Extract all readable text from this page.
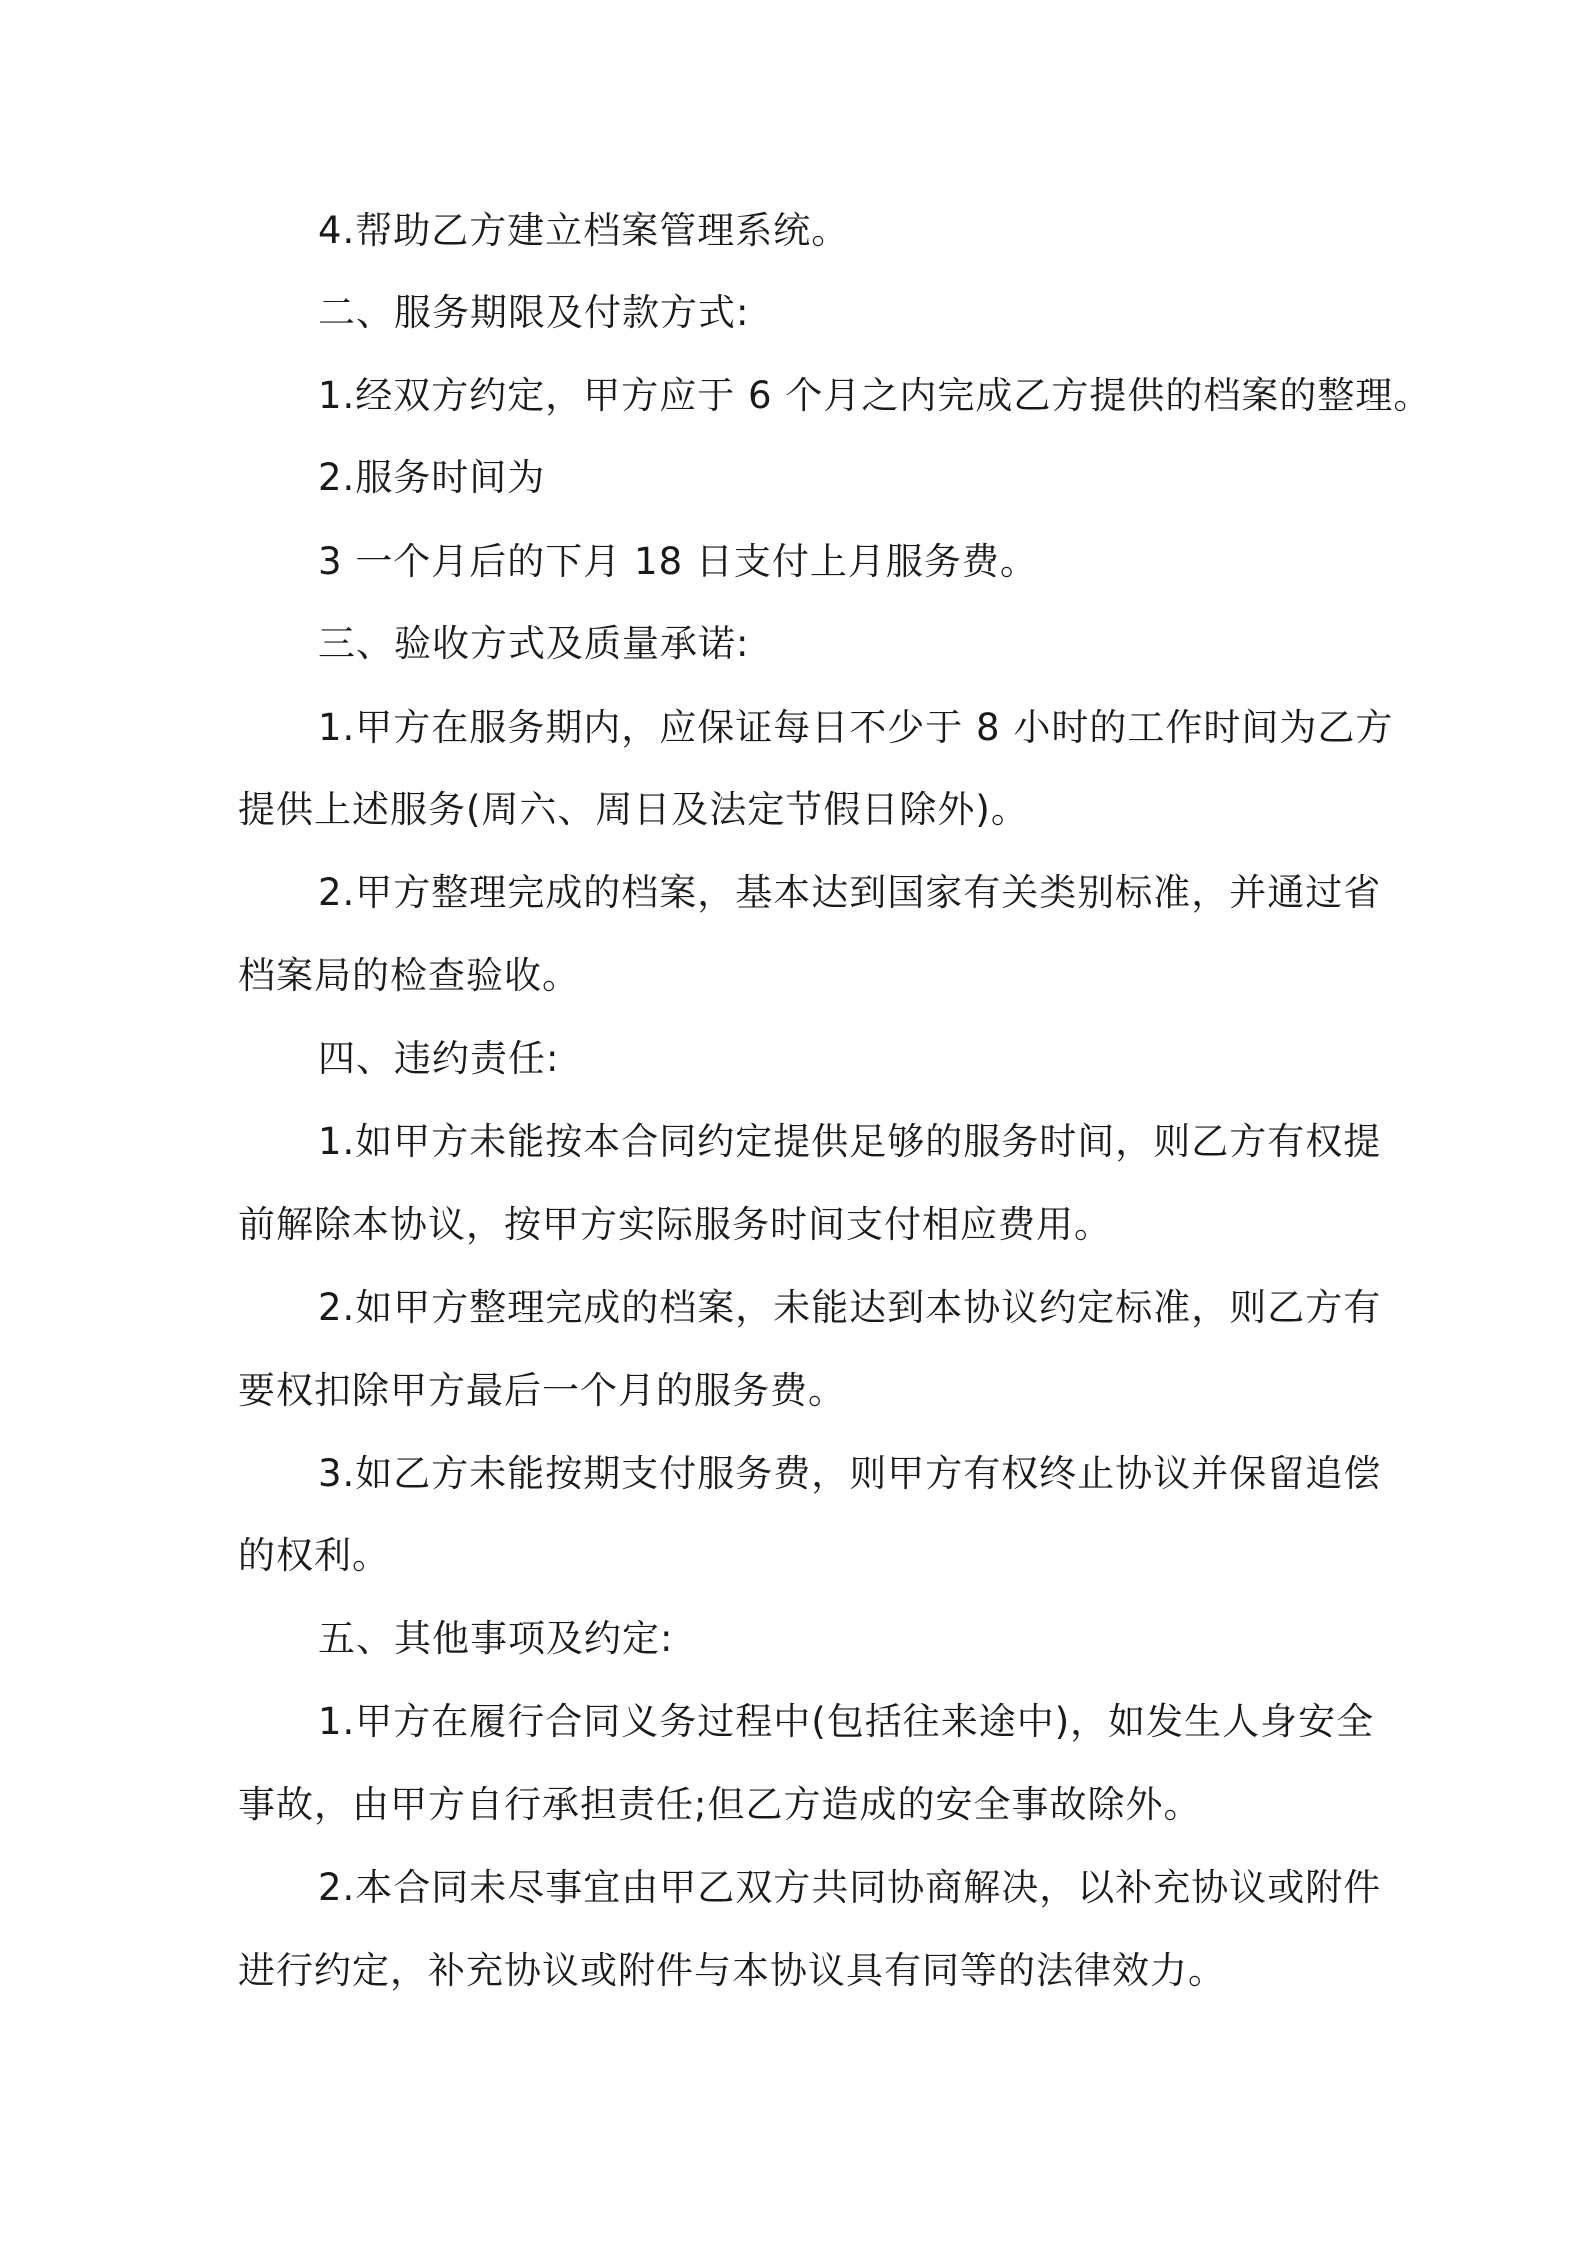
4.帮助乙方建立档案管理系统。
二、服务期限及付款方式:
1.经双方约定，甲方应于 6 个月之内完成乙方提供的档案的整理。
2.服务时间为
3 一个月后的下月 18 日支付上月服务费。
三、验收方式及质量承诺:
1.甲方在服务期内，应保证每日不少于 8 小时的工作时间为乙方
提供上述服务(周六、周日及法定节假日除外)。
2.甲方整理完成的档案，基本达到国家有关类别标准，并通过省
档案局的检查验收。
四、违约责任:
1.如甲方未能按本合同约定提供足够的服务时间，则乙方有权提
前解除本协议，按甲方实际服务时间支付相应费用。
2.如甲方整理完成的档案，未能达到本协议约定标准，则乙方有
要权扣除甲方最后一个月的服务费。
3.如乙方未能按期支付服务费，则甲方有权终止协议并保留追偿
的权利。
五、其他事项及约定:
1.甲方在履行合同义务过程中(包括往来途中)，如发生人身安全
事故，由甲方自行承担责任;但乙方造成的安全事故除外。
2.本合同未尽事宜由甲乙双方共同协商解决，以补充协议或附件
进行约定，补充协议或附件与本协议具有同等的法律效力。
